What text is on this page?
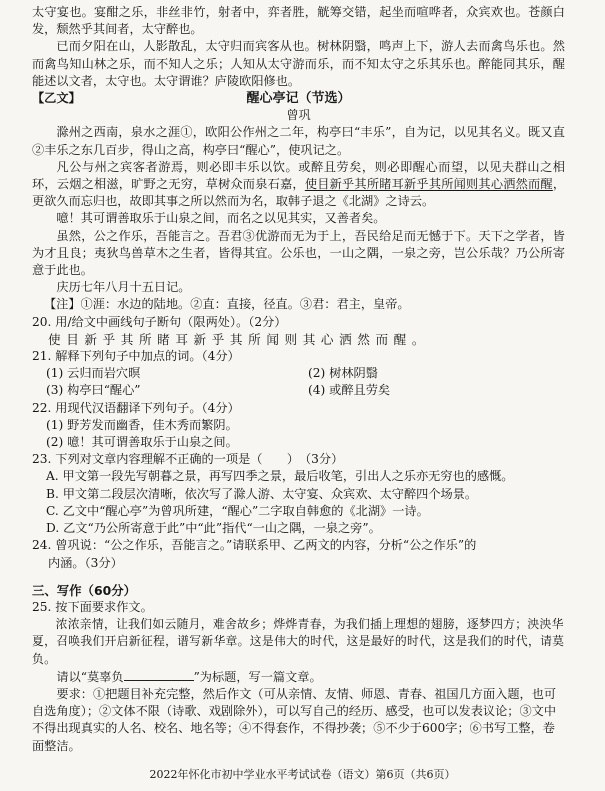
太守宴也。宴酣之乐，非丝非竹，射者中，弈者胜，觥筹交错，起坐而喧哗者，众宾欢也。苍颜白发，颓然乎其间者，太守醉也。

已而夕阳在山，人影散乱，太守归而宾客从也。树林阴翳，鸣声上下，游人去而禽鸟乐也。然而禽鸟知山林之乐，而不知人之乐；人知从太守游而乐，而不知太守之乐其乐也。醉能同其乐，醒能述以文者，太守也。太守谓谁？庐陵欧阳修也。

【乙文】	醒心亭记（节选）

曾巩

滁州之西南，泉水之涯①，欧阳公作州之二年，构亭曰“丰乐”，自为记，以见其名义。既又直②丰乐之东几百步，得山之高，构亭曰“醒心”，使巩记之。

凡公与州之宾客者游焉，则必即丰乐以饮。或醉且劳矣，则必即醒心而望，以见夫群山之相环，云烟之相滋，旷野之无穷，草树众而泉石嘉，使目新乎其所睹耳新乎其所闻则其心洒然而醒，更欲久而忘归也，故即其事之所以然而为名，取韩子退之《北湖》之诗云。

噫！其可谓善取乐于山泉之间，而名之以见其实，又善者矣。

虽然，公之作乐，吾能言之。吾君③优游而无为于上，吾民给足而无憾于下。天下之学者，皆为才且良；夷狄鸟兽草木之生者，皆得其宜。公乐也，一山之隅，一泉之旁，岂公乐哉？乃公所寄意于此也。

庆历七年八月十五日记。

【注】①涯：水边的陆地。②直：直接，径直。③君：君主，皇帝。

20. 用/给文中画线句子断句（限两处）。（2分）

使目新乎其所睹耳新乎其所闻则其心洒然而醒。

21. 解释下列句子中加点的词。（4分）

(1) 云归而岩穴暝	(2) 树林阴翳
(3) 构亭曰“醒心”	(4) 或醉且劳矣

22. 用现代汉语翻译下列句子。（4分）

(1) 野芳发而幽香，佳木秀而繁阴。

(2) 噫！其可谓善取乐于山泉之间。

23. 下列对文章内容理解不正确的一项是（　　）　（3分）

A. 甲文第一段先写朝暮之景，再写四季之景，最后收笔，引出人之乐亦无穷也的感慨。

B. 甲文第二段层次清晰，依次写了滁人游、太守宴、众宾欢、太守醉四个场景。

C. 乙文中“醒心亭”为曾巩所建，“醒心”二字取自韩愈的《北湖》一诗。

D. 乙文“乃公所寄意于此”中“此”指代“一山之隅，一泉之旁”。

24. 曾巩说：“公之作乐，吾能言之。”请联系甲、乙两文的内容，分析“公之作乐”的

内涵。（3分）

三、写作（60分）

25. 按下面要求作文。

浓浓亲情，让我们如云随月，难舍故乡；烨烨青春，为我们插上理想的翅膀，逐梦四方；泱泱华夏，召唤我们开启新征程，谱写新华章。这是伟大的时代，这是最好的时代，这是我们的时代，请莫负。

请以“莫辜负	”为标题，写一篇文章。

要求：①把题目补充完整，然后作文（可从亲情、友情、师恩、青春、祖国几方面入题，也可自选角度）；②文体不限（诗歌、戏剧除外），可以写自己的经历、感受，也可以发表议论；③文中不得出现真实的人名、校名、地名等；④不得套作，不得抄袭；⑤不少于600字；⑥书写工整，卷面整洁。

2022年怀化市初中学业水平考试试卷（语文）第6页（共6页）
